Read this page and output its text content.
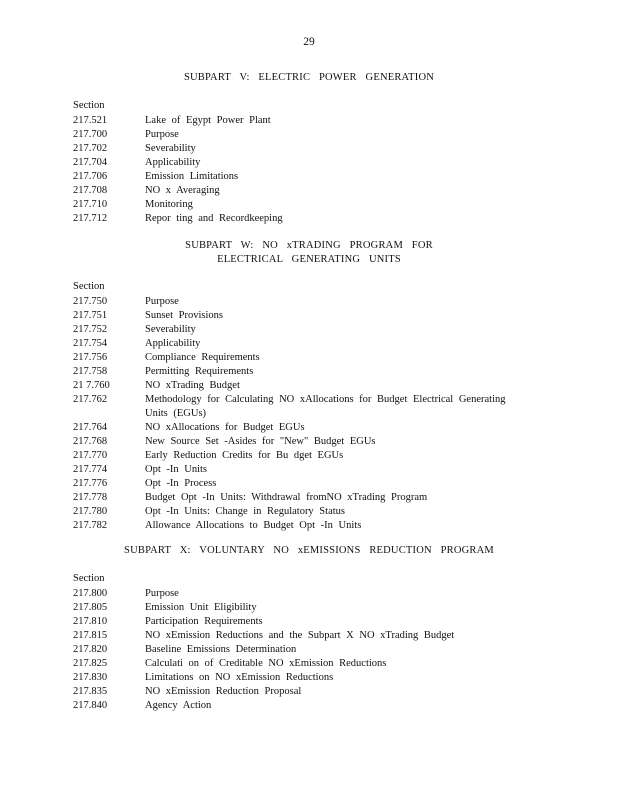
29
SUBPART V: ELECTRIC POWER GENERATION
Section
217.521	Lake of Egypt Power Plant
217.700	Purpose
217.702	Severability
217.704	Applicability
217.706	Emission Limitations
217.708	NO x Averaging
217.710	Monitoring
217.712	Repor ting and Recordkeeping
SUBPART W: NO xTRADING PROGRAM FOR
ELECTRICAL GENERATING UNITS
Section
217.750	Purpose
217.751	Sunset Provisions
217.752	Severability
217.754	Applicability
217.756	Compliance Requirements
217.758	Permitting Requirements
21 7.760	NO xTrading Budget
217.762	Methodology for Calculating NO xAllocations for Budget Electrical Generating
Units (EGUs)
217.764	NO xAllocations for Budget EGUs
217.768	New Source Set -Asides for "New" Budget EGUs
217.770	Early Reduction Credits for Bu dget EGUs
217.774	Opt -In Units
217.776	Opt -In Process
217.778	Budget Opt -In Units: Withdrawal fromNO xTrading Program
217.780	Opt -In Units: Change in Regulatory Status
217.782	Allowance Allocations to Budget Opt -In Units
SUBPART X: VOLUNTARY NO xEMISSIONS REDUCTION PROGRAM
Section
217.800	Purpose
217.805	Emission Unit Eligibility
217.810	Participation Requirements
217.815	NO xEmission Reductions and the Subpart X NO xTrading Budget
217.820	Baseline Emissions Determination
217.825	Calculati on of Creditable NO xEmission Reductions
217.830	Limitations on NO xEmission Reductions
217.835	NO xEmission Reduction Proposal
217.840	Agency Action
